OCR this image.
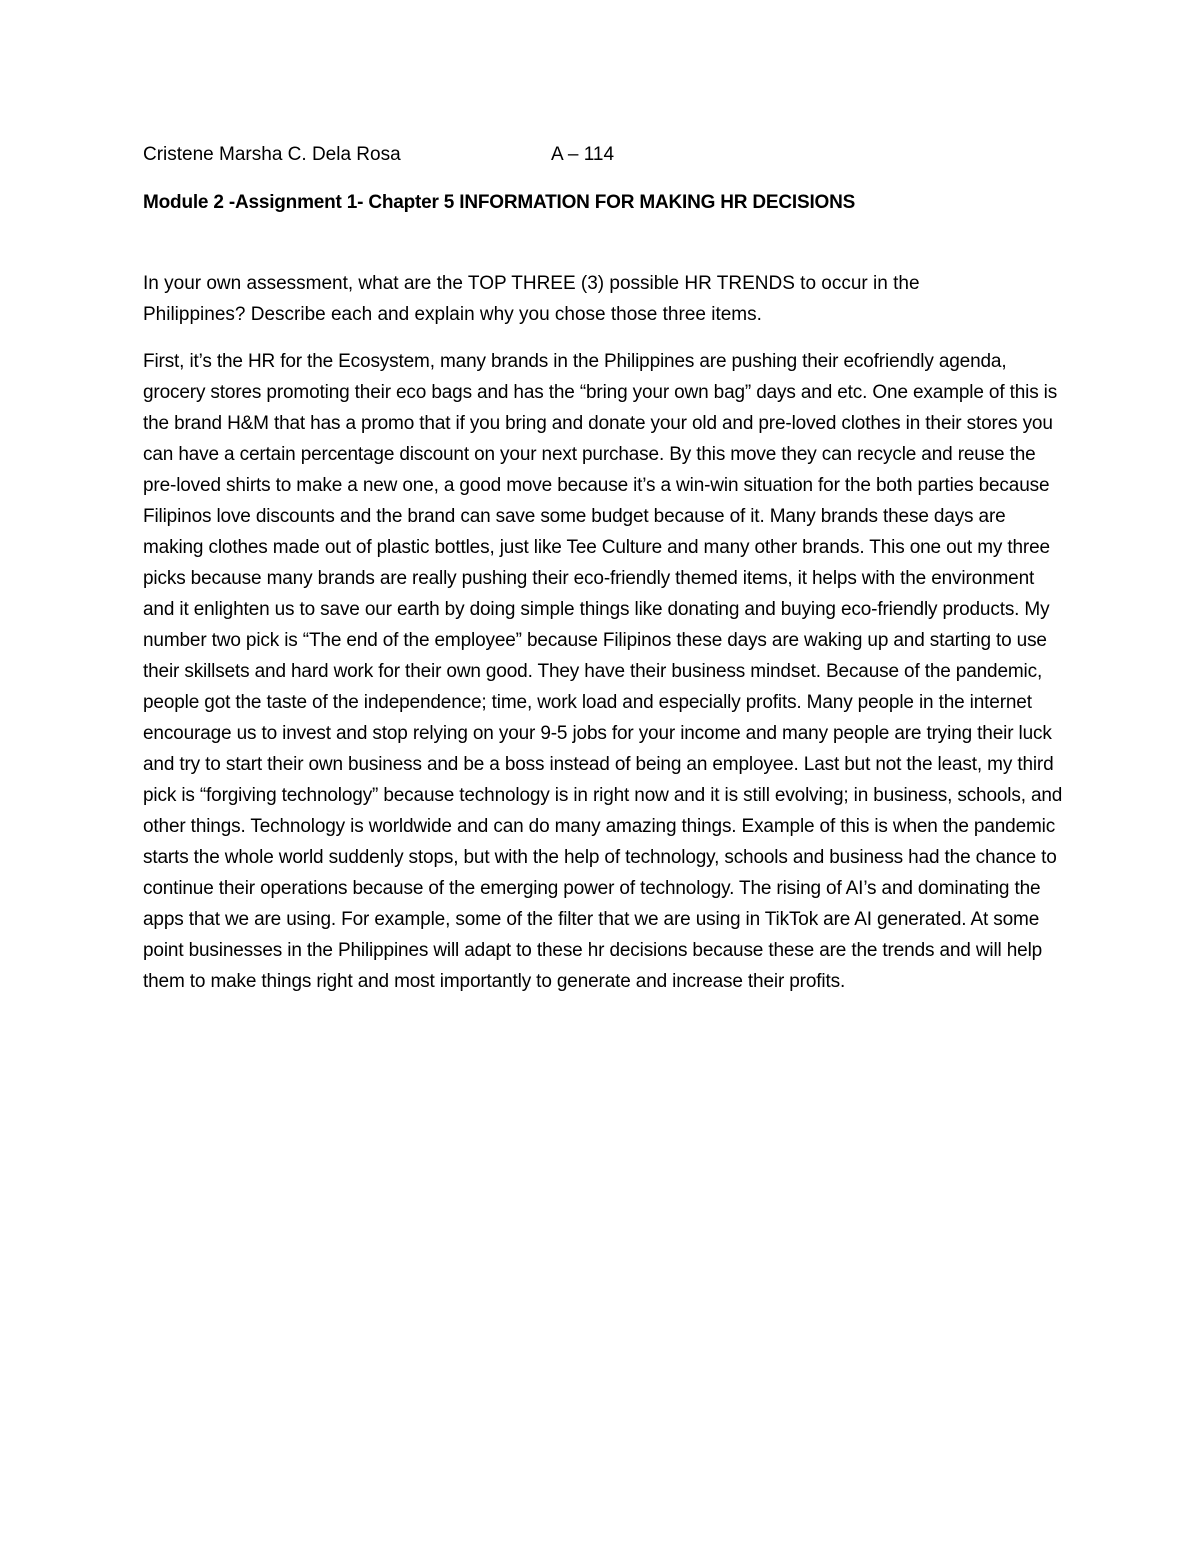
Cristene Marsha C. Dela Rosa	A – 114
Module 2 -Assignment 1- Chapter 5 INFORMATION FOR MAKING HR DECISIONS
In your own assessment, what are the TOP THREE (3) possible HR TRENDS to occur in the Philippines? Describe each and explain why you chose those three items.
First, it’s the HR for the Ecosystem, many brands in the Philippines are pushing their ecofriendly agenda, grocery stores promoting their eco bags and has the “bring your own bag” days and etc. One example of this is the brand H&M that has a promo that if you bring and donate your old and pre-loved clothes in their stores you can have a certain percentage discount on your next purchase. By this move they can recycle and reuse the pre-loved shirts to make a new one, a good move because it’s a win-win situation for the both parties because Filipinos love discounts and the brand can save some budget because of it. Many brands these days are making clothes made out of plastic bottles, just like Tee Culture and many other brands. This one out my three picks because many brands are really pushing their eco-friendly themed items, it helps with the environment and it enlighten us to save our earth by doing simple things like donating and buying eco-friendly products. My number two pick is “The end of the employee” because Filipinos these days are waking up and starting to use their skillsets and hard work for their own good. They have their business mindset. Because of the pandemic, people got the taste of the independence; time, work load and especially profits. Many people in the internet encourage us to invest and stop relying on your 9-5 jobs for your income and many people are trying their luck and try to start their own business and be a boss instead of being an employee. Last but not the least, my third pick is “forgiving technology” because technology is in right now and it is still evolving; in business, schools, and other things. Technology is worldwide and can do many amazing things. Example of this is when the pandemic starts the whole world suddenly stops, but with the help of technology, schools and business had the chance to continue their operations because of the emerging power of technology. The rising of AI’s and dominating the apps that we are using. For example, some of the filter that we are using in TikTok are AI generated. At some point businesses in the Philippines will adapt to these hr decisions because these are the trends and will help them to make things right and most importantly to generate and increase their profits.
